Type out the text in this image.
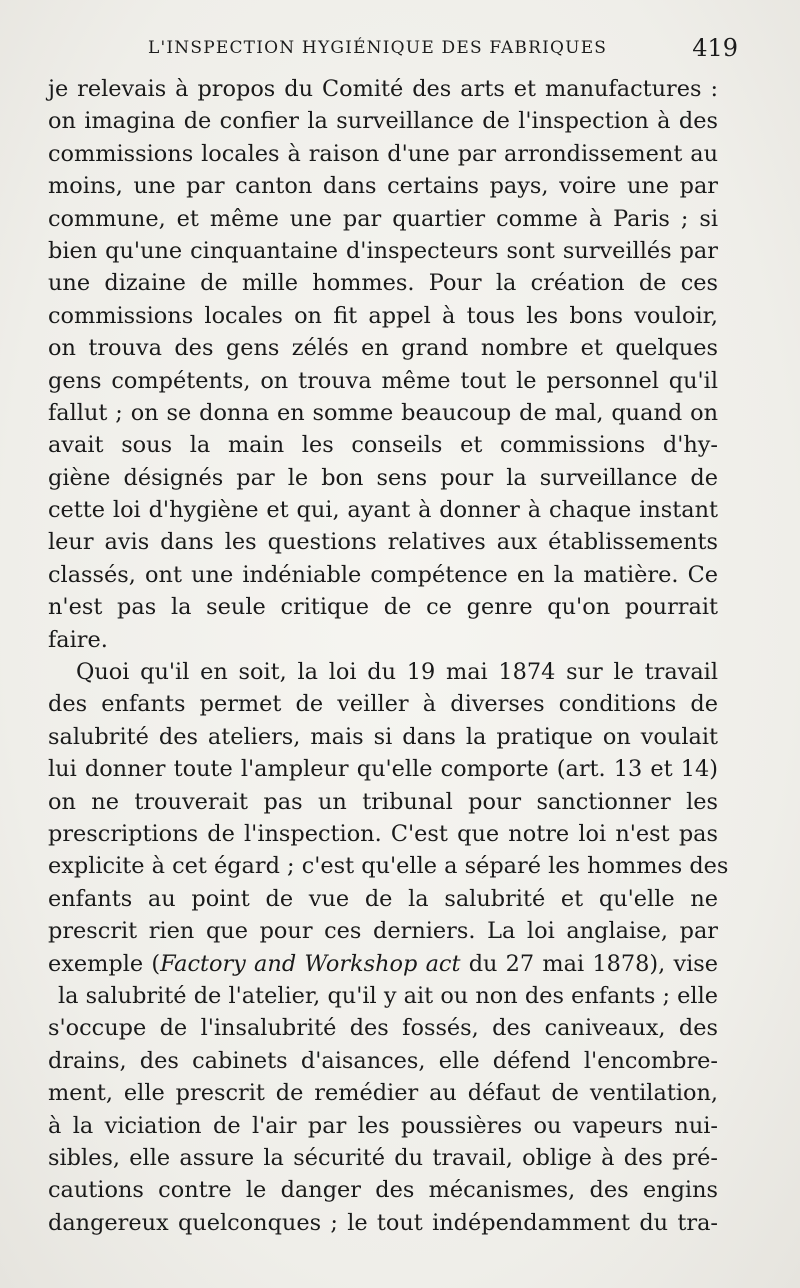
L'INSPECTION HYGIÉNIQUE DES FABRIQUES	419
je relevais à propos du Comité des arts et manufactures :
on imagina de confier la surveillance de l'inspection à des
commissions locales à raison d'une par arrondissement au
moins, une par canton dans certains pays, voire une par
commune, et même une par quartier comme à Paris ; si
bien qu'une cinquantaine d'inspecteurs sont surveillés par
une dizaine de mille hommes. Pour la création de ces
commissions locales on fit appel à tous les bons vouloir,
on trouva des gens zélés en grand nombre et quelques
gens compétents, on trouva même tout le personnel qu'il
fallut ; on se donna en somme beaucoup de mal, quand on
avait sous la main les conseils et commissions d'hy-
giène désignés par le bon sens pour la surveillance de
cette loi d'hygiène et qui, ayant à donner à chaque instant
leur avis dans les questions relatives aux établissements
classés, ont une indéniable compétence en la matière. Ce
n'est pas la seule critique de ce genre qu'on pourrait
faire.
Quoi qu'il en soit, la loi du 19 mai 1874 sur le travail
des enfants permet de veiller à diverses conditions de
salubrité des ateliers, mais si dans la pratique on voulait
lui donner toute l'ampleur qu'elle comporte (art. 13 et 14)
on ne trouverait pas un tribunal pour sanctionner les
prescriptions de l'inspection. C'est que notre loi n'est pas
explicite à cet égard ; c'est qu'elle a séparé les hommes des
enfants au point de vue de la salubrité et qu'elle ne
prescrit rien que pour ces derniers. La loi anglaise, par
exemple (Factory and Workshop act du 27 mai 1878), vise
la salubrité de l'atelier, qu'il y ait ou non des enfants ; elle
s'occupe de l'insalubrité des fossés, des caniveaux, des
drains, des cabinets d'aisances, elle défend l'encombre-
ment, elle prescrit de remédier au défaut de ventilation,
à la viciation de l'air par les poussières ou vapeurs nui-
sibles, elle assure la sécurité du travail, oblige à des pré-
cautions contre le danger des mécanismes, des engins
dangereux quelconques ; le tout indépendamment du tra-
